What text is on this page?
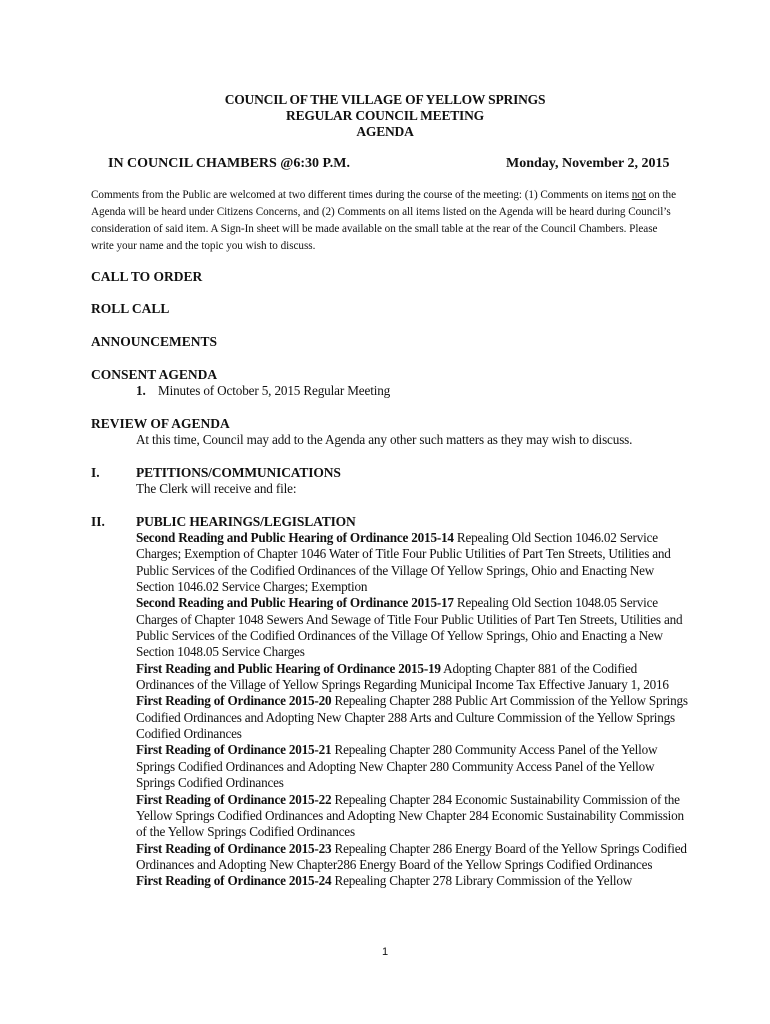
COUNCIL OF THE VILLAGE OF YELLOW SPRINGS
REGULAR COUNCIL MEETING
AGENDA
IN COUNCIL CHAMBERS @6:30 P.M.	Monday, November 2, 2015
Comments from the Public are welcomed at two different times during the course of the meeting: (1) Comments on items not on the Agenda will be heard under Citizens Concerns, and (2) Comments on all items listed on the Agenda will be heard during Council’s consideration of said item. A Sign-In sheet will be made available on the small table at the rear of the Council Chambers. Please write your name and the topic you wish to discuss.
CALL TO ORDER
ROLL CALL
ANNOUNCEMENTS
CONSENT AGENDA
1. Minutes of October 5, 2015 Regular Meeting
REVIEW OF AGENDA
At this time, Council may add to the Agenda any other such matters as they may wish to discuss.
I.	PETITIONS/COMMUNICATIONS
The Clerk will receive and file:
II. PUBLIC HEARINGS/LEGISLATION
Second Reading and Public Hearing of Ordinance 2015-14 Repealing Old Section 1046.02 Service Charges; Exemption of Chapter 1046 Water of Title Four Public Utilities of Part Ten Streets, Utilities and Public Services of the Codified Ordinances of the Village Of Yellow Springs, Ohio and Enacting New Section 1046.02 Service Charges; Exemption
Second Reading and Public Hearing of Ordinance 2015-17 Repealing Old Section 1048.05 Service Charges of Chapter 1048 Sewers And Sewage of Title Four Public Utilities of Part Ten Streets, Utilities and Public Services of the Codified Ordinances of the Village Of Yellow Springs, Ohio and Enacting a New Section 1048.05 Service Charges
First Reading and Public Hearing of Ordinance 2015-19 Adopting Chapter 881 of the Codified Ordinances of the Village of Yellow Springs Regarding Municipal Income Tax Effective January 1, 2016
First Reading of Ordinance 2015-20 Repealing Chapter 288 Public Art Commission of the Yellow Springs Codified Ordinances and Adopting New Chapter 288 Arts and Culture Commission of the Yellow Springs Codified Ordinances
First Reading of Ordinance 2015-21 Repealing Chapter 280 Community Access Panel of the Yellow Springs Codified Ordinances and Adopting New Chapter 280 Community Access Panel of the Yellow Springs Codified Ordinances
First Reading of Ordinance 2015-22 Repealing Chapter 284 Economic Sustainability Commission of the Yellow Springs Codified Ordinances and Adopting New Chapter 284 Economic Sustainability Commission of the Yellow Springs Codified Ordinances
First Reading of Ordinance 2015-23 Repealing Chapter 286 Energy Board of the Yellow Springs Codified Ordinances and Adopting New Chapter286 Energy Board of the Yellow Springs Codified Ordinances
First Reading of Ordinance 2015-24 Repealing Chapter 278 Library Commission of the Yellow
1
